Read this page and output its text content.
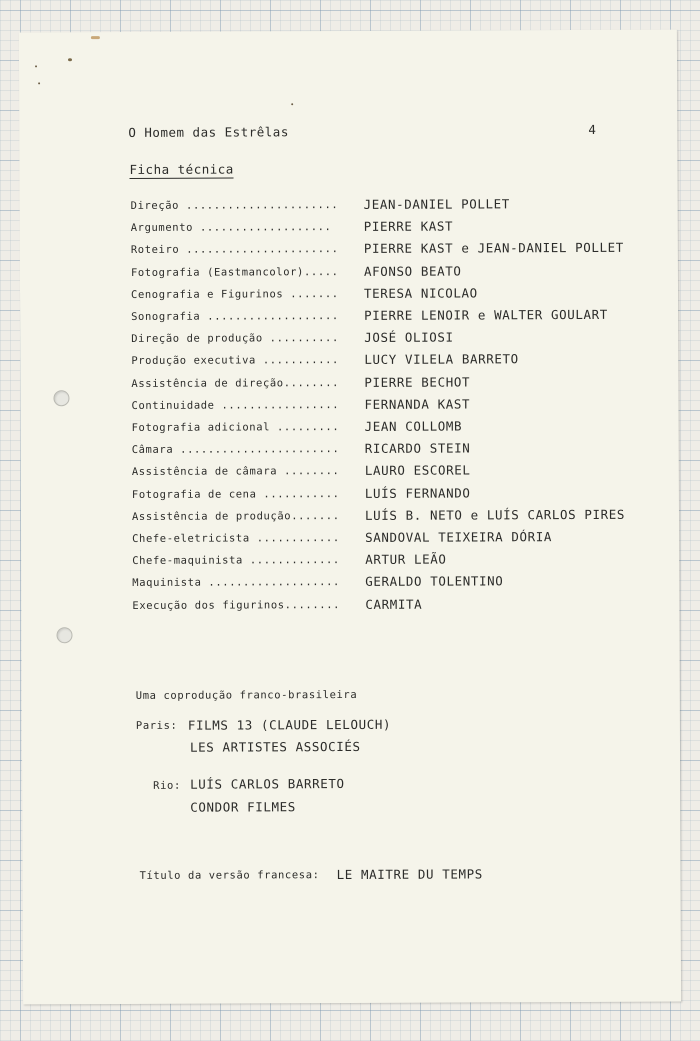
O Homem das Estrêlas	4
Ficha técnica
Direção ...................... JEAN-DANIEL POLLET
Argumento ...................	PIERRE KAST
Roteiro ...................... PIERRE KAST e JEAN-DANIEL POLLET
Fotografia (Eastmancolor)..... AFONSO BEATO
Cenografia e Figurinos ....... TERESA NICOLAO
Sonografia ................... PIERRE LENOIR e WALTER GOULART
Direção de produção .......... JOSÉ OLIOSI
Produção executiva ........... LUCY VILELA BARRETO
Assistência de direção........ PIERRE BECHOT
Continuidade ................. FERNANDA KAST
Fotografia adicional ......... JEAN COLLOMB
Câmara ....................... RICARDO STEIN
Assistência de câmara ........ LAURO ESCOREL
Fotografia de cena ........... LUÍS FERNANDO
Assistência de produção....... LUÍS B. NETO e LUÍS CARLOS PIRES
Chefe-eletricista ............ SANDOVAL TEIXEIRA DÓRIA
Chefe-maquinista ............. ARTUR LEÃO
Maquinista ................... GERALDO TOLENTINO
Execução dos figurinos........ CARMITA
Uma coprodução franco-brasileira
Paris: FILMS 13 (CLAUDE LELOUCH)
LES ARTISTES ASSOCIÉS
Rio: LUÍS CARLOS BARRETO
CONDOR FILMES
Título da versão francesa: LE MAITRE DU TEMPS
